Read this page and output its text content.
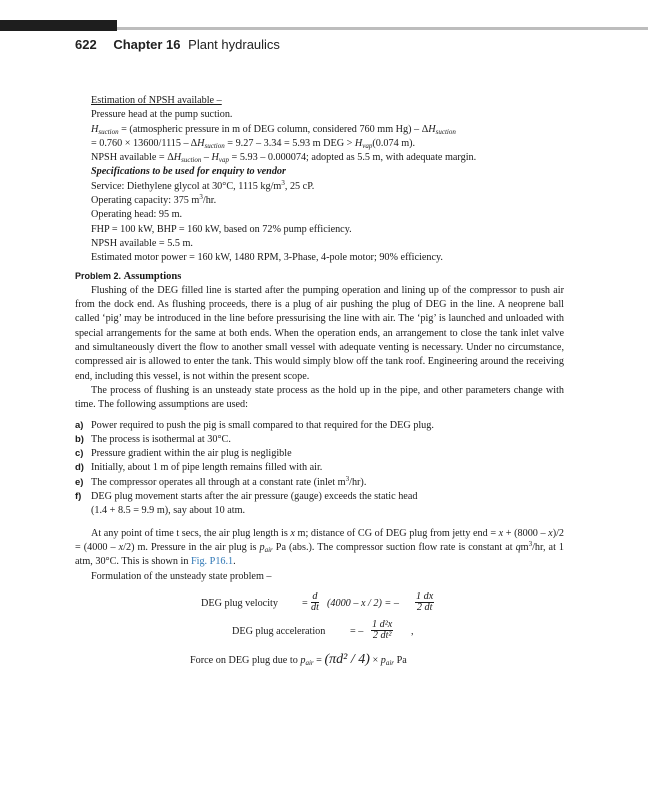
622 Chapter 16 Plant hydraulics
Estimation of NPSH available –
Pressure head at the pump suction.
$H_{suction}$ = (atmospheric pressure in m of DEG column, considered 760 mm $Hg) - \Delta H_{suction}$
= $0.760 \times 13600/1115 - \Delta H_{suction} = 9.27 - 3.34 = 5.93$ m DEG > $H_{vap}(0.074$ m).
NPSH available = $\Delta H_{suction} - H_{vap} = 5.93 - 0.000074$; adopted as 5.5 m, with adequate margin.
Specifications to be used for enquiry to vendor
Service: Diethylene glycol at 30°C, 1115 $kg/m^3$, 25 cP.
Operating capacity: 375 $m^3/hr$.
Operating head: 95 m.
FHP = 100 kW, BHP = 160 kW, based on 72% pump efficiency.
NPSH available = 5.5 m.
Estimated motor power = 160 kW, 1480 RPM, 3-Phase, 4-pole motor; 90% efficiency.
Problem 2. Assumptions

Flushing of the DEG filled line is started after the pumping operation and lining up of the compressor to push air from the dock end. As flushing proceeds, there is a plug of air pushing the plug of DEG in the line. A neoprene ball called ‘pig’ may be introduced in the line before pressurising the line with air. The ‘pig’ is launched and unloaded with special arrangements for the same at both ends. When the operation ends, an arrangement to close the tank inlet valve and simultaneously divert the flow to another small vessel with adequate venting is necessary. Under no circumstance, compressed air is allowed to enter the tank. This would simply blow off the tank roof. Engineering around the receiving end, including this vessel, is not within the present scope.

The process of flushing is an unsteady state process as the hold up in the pipe, and other parameters change with time. The following assumptions are used:

a) Power required to push the pig is small compared to that required for the DEG plug.
b) The process is isothermal at 30°C.
c) Pressure gradient within the air plug is negligible
d) Initially, about 1 m of pipe length remains filled with air.
e) The compressor operates all through at a constant rate (inlet $m^3/hr$).
f) DEG plug movement starts after the air pressure (gauge) exceeds the static head
(1.4 + 8.5 = 9.9 m), say about 10 atm.

At any point of time t secs, the air plug length is x m; distance of CG of DEG plug from jetty end = x + (8000 – x)/2 = (4000 – x/2) m. Pressure in the air plug is $p_{air}$ Pa (abs.). The compressor suction flow rate is constant at $qm^3/hr$, at 1 atm, 30°C. This is shown in Fig. P16.1.

Formulation of the unsteady state problem –
DEG plug velocity = $\frac{d}{dt} (4000$ – x / 2) = – $\frac{1 dx}{2 dt}$
DEG plug acceleration = – $\frac{\text{1 d²x}}{\text{2 dt²}}$ ,
Force on DEG plug due to $p_{air} = (\pi d^2 / 4) \times p_{air}$ Pa
